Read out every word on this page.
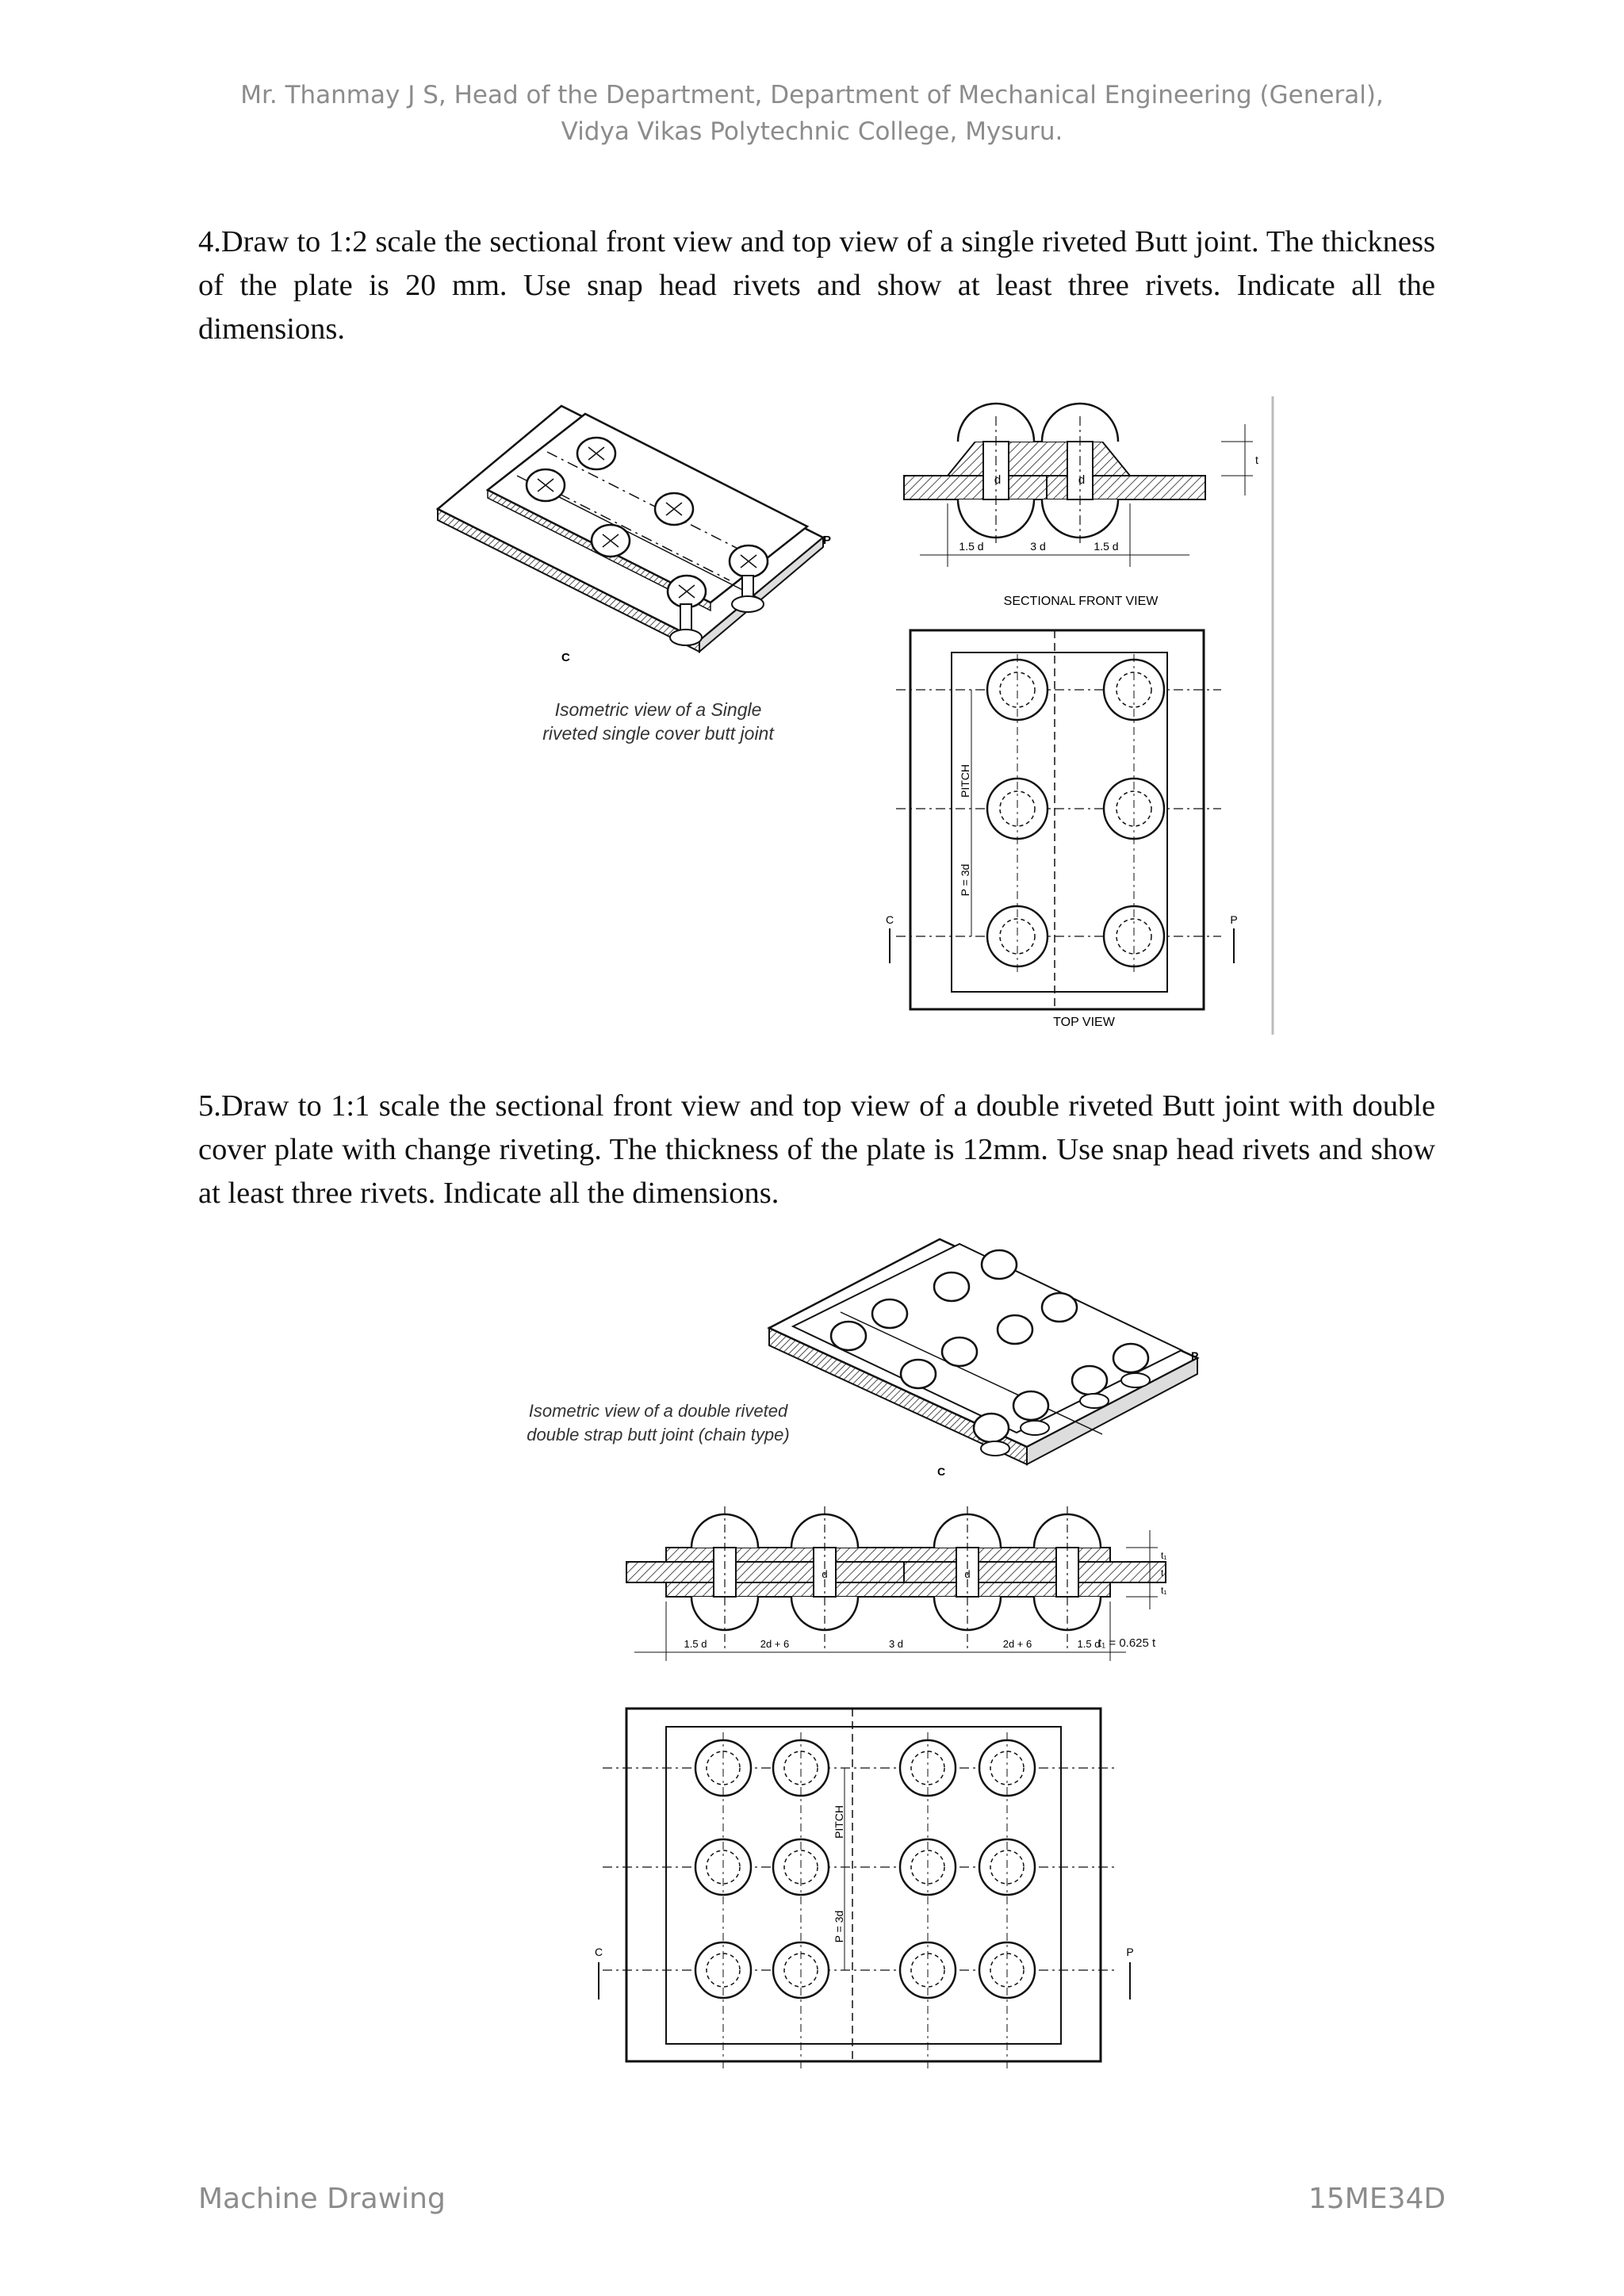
Mr. Thanmay J S, Head of the Department, Department of Mechanical Engineering (General),
Vidya Vikas Polytechnic College, Mysuru.
4.Draw to 1:2 scale the sectional front view and top view of a single riveted Butt joint. The thickness of the plate is 20 mm. Use snap head rivets and show at least three rivets. Indicate all the dimensions.
P
C
Isometric view of a Single
riveted single cover butt joint
d	d
t
1.5 d	3 d	1.5 d
SECTIONAL FRONT VIEW
PITCH
P = 3d
C	P
TOP VIEW
5.Draw to 1:1 scale the sectional front view and top view of a double riveted Butt joint with double cover plate with change riveting. The thickness of the plate is 12mm. Use snap head rivets and show at least three rivets. Indicate all the dimensions.
P
C
Isometric view of a double riveted
double strap butt joint (chain type)
d	d
t₁
t
t₁
1.5 d	2d + 6	3 d	2d + 6	1.5 d
t₁ = 0.625 t
PITCH
P = 3d
C	P
Machine Drawing	15ME34D
